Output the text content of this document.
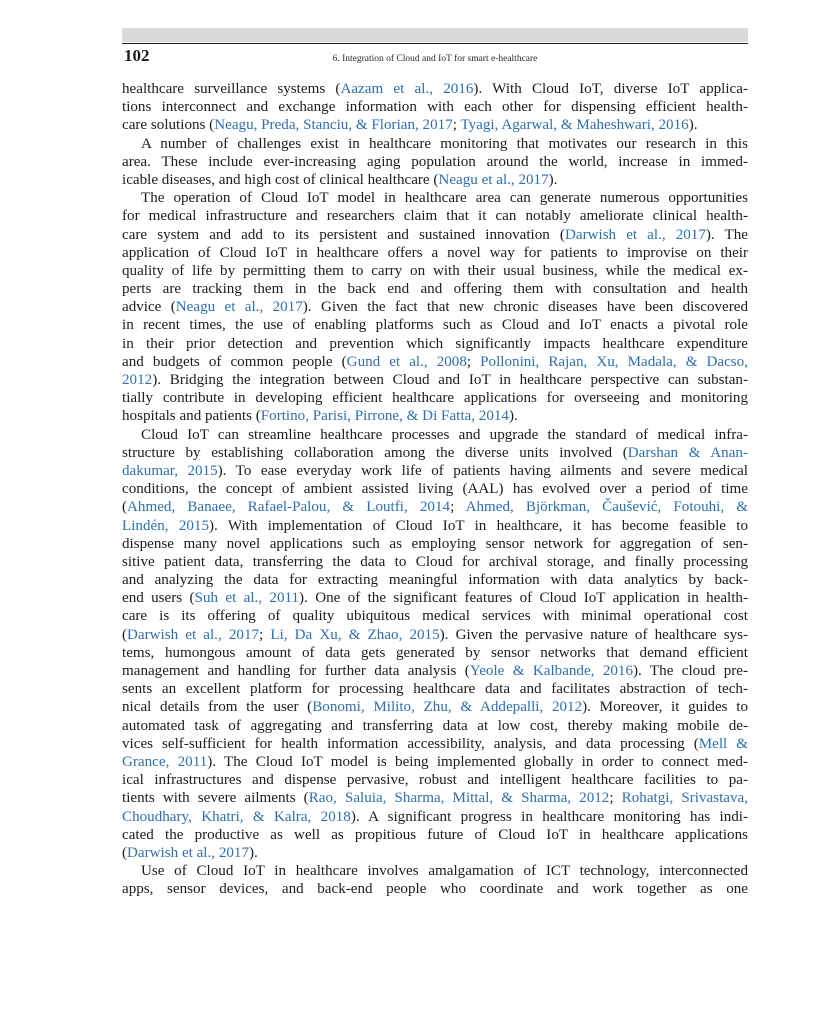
102	6. Integration of Cloud and IoT for smart e-healthcare
healthcare surveillance systems (Aazam et al., 2016). With Cloud IoT, diverse IoT applica-
tions interconnect and exchange information with each other for dispensing efficient health-
care solutions (Neagu, Preda, Stanciu, & Florian, 2017; Tyagi, Agarwal, & Maheshwari, 2016).
A number of challenges exist in healthcare monitoring that motivates our research in this
area. These include ever-increasing aging population around the world, increase in immed-
icable diseases, and high cost of clinical healthcare (Neagu et al., 2017).
The operation of Cloud IoT model in healthcare area can generate numerous opportunities
for medical infrastructure and researchers claim that it can notably ameliorate clinical health-
care system and add to its persistent and sustained innovation (Darwish et al., 2017). The
application of Cloud IoT in healthcare offers a novel way for patients to improvise on their
quality of life by permitting them to carry on with their usual business, while the medical ex-
perts are tracking them in the back end and offering them with consultation and health
advice (Neagu et al., 2017). Given the fact that new chronic diseases have been discovered
in recent times, the use of enabling platforms such as Cloud and IoT enacts a pivotal role
in their prior detection and prevention which significantly impacts healthcare expenditure
and budgets of common people (Gund et al., 2008; Pollonini, Rajan, Xu, Madala, & Dacso,
2012). Bridging the integration between Cloud and IoT in healthcare perspective can substan-
tially contribute in developing efficient healthcare applications for overseeing and monitoring
hospitals and patients (Fortino, Parisi, Pirrone, & Di Fatta, 2014).
Cloud IoT can streamline healthcare processes and upgrade the standard of medical infra-
structure by establishing collaboration among the diverse units involved (Darshan & Anan-
dakumar, 2015). To ease everyday work life of patients having ailments and severe medical
conditions, the concept of ambient assisted living (AAL) has evolved over a period of time
(Ahmed, Banaee, Rafael-Palou, & Loutfi, 2014; Ahmed, Björkman, Čaušević, Fotouhi, &
Lindén, 2015). With implementation of Cloud IoT in healthcare, it has become feasible to
dispense many novel applications such as employing sensor network for aggregation of sen-
sitive patient data, transferring the data to Cloud for archival storage, and finally processing
and analyzing the data for extracting meaningful information with data analytics by back-
end users (Suh et al., 2011). One of the significant features of Cloud IoT application in health-
care is its offering of quality ubiquitous medical services with minimal operational cost
(Darwish et al., 2017; Li, Da Xu, & Zhao, 2015). Given the pervasive nature of healthcare sys-
tems, humongous amount of data gets generated by sensor networks that demand efficient
management and handling for further data analysis (Yeole & Kalbande, 2016). The cloud pre-
sents an excellent platform for processing healthcare data and facilitates abstraction of tech-
nical details from the user (Bonomi, Milito, Zhu, & Addepalli, 2012). Moreover, it guides to
automated task of aggregating and transferring data at low cost, thereby making mobile de-
vices self-sufficient for health information accessibility, analysis, and data processing (Mell &
Grance, 2011). The Cloud IoT model is being implemented globally in order to connect med-
ical infrastructures and dispense pervasive, robust and intelligent healthcare facilities to pa-
tients with severe ailments (Rao, Saluia, Sharma, Mittal, & Sharma, 2012; Rohatgi, Srivastava,
Choudhary, Khatri, & Kalra, 2018). A significant progress in healthcare monitoring has indi-
cated the productive as well as propitious future of Cloud IoT in healthcare applications
(Darwish et al., 2017).
Use of Cloud IoT in healthcare involves amalgamation of ICT technology, interconnected
apps, sensor devices, and back-end people who coordinate and work together as one
